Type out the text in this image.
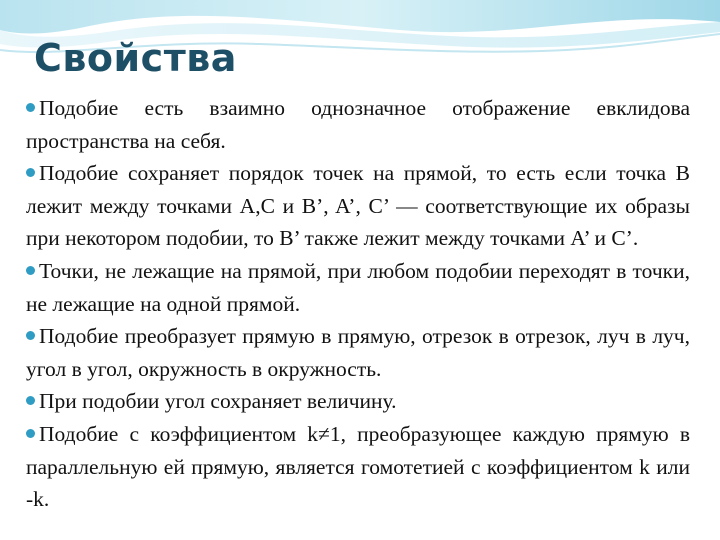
Свойства
Подобие есть взаимно однозначное отображение евклидова пространства на себя.
Подобие сохраняет порядок точек на прямой, то есть если точка B лежит между точками A,C и B’, A’, C’ — соответствующие их образы при некотором подобии, то B’ также лежит между точками A’ и C’.
Точки, не лежащие на прямой, при любом подобии переходят в точки, не лежащие на одной прямой.
Подобие преобразует прямую в прямую, отрезок в отрезок, луч в луч, угол в угол, окружность в окружность.
При подобии угол сохраняет величину.
Подобие с коэффициентом k≠1, преобразующее каждую прямую в параллельную ей прямую, является гомотетией с коэффициентом k или -k.
